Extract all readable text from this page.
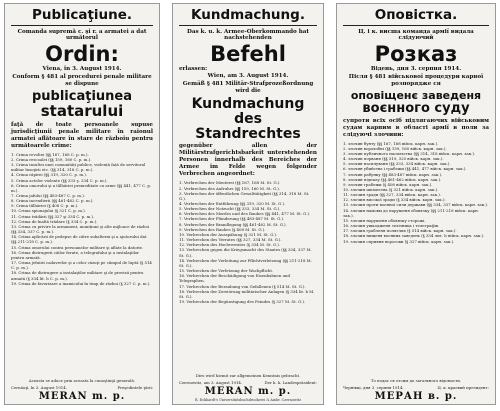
Publicaţiune.
Comanda supremă c. şi r. a armatei a dat următorul
Ordin:
Viena, în 3. August 1914.
Conform § 481 al procedurei penale militare se dispune
publicaţiunea
statarului
faţă de toate persoanele supuse jurisdicţiunii penale militare în raionul armatei aflătoare în stare de războiu pentru următoarele crime:
1. Crima revoltei (§§ 167, 168 C. p. m.).
2. Crima rescoalei (§§ 159, 160 C. p. m.).
3. Crima insultei unei comunități publice, violență față de servitorul militar însoţirii etc. (§§ 314, 318 C. p. m.).
4. Crima răpirei (§§ 319, 320 C. p. m.).
5. Crima actelor violente (§§ 333 ş. 334 C. p. m.).
6. Crima omorului şi a tâlhăriei premeditate cu arme (§§ 441, 477 C. p. m.).
7. Crima jafului (§§ 483-487 C. p. m.).
8. Crima incendierii (§§ 461-462 C. p. m.).
9. Crima tâlhăriei (§ 408 C. p. m.).
10. Crima spionajului (§ 321 C. p. m.).
11. Crima trădării (§§ 327 şi 334 C. p. m.).
12. Crima de înaltă trădare (§ 334 C. p. m.).
13. Crima cu privire la armament, munițiuni şi alte mijloace de război (§§ 334, 337 C. p. m.).
14. Crima aplicării de pedepse de către subalterni şi a ajutorului dat (§§ 211-218 C. p. m.).
15. Crima omorului contra persoanelor militare şi aflate la datorie.
16. Crima distrugerii căilor ferate, a telegrafului şi a instalaţiilor pentru armată.
17. Crima jefuirii cadavrelor şi a celor căzuţi pe câmpul de luptă (§ 514 C. p. m.).
18. Crima de distrugere a instalaţiilor militare şi de provizii pentru armată (§ 334 lit. b C. p. m.).
19. Crima de favorizare a inamicului în timp de război (§ 327 C. p. m.).
Aceasta se aduce prin aceasta la cunoştinţă generală.
Cernăuţi, în 3. August 1914.	Preşedintele ţării:
MERAN m. p.
Kundmachung.
Das k. u. k. Armee-Oberkommando hat nachstehenden
Befehl
erlassen:
Wien, am 3. August 1914.
Gemäß § 481 Militär-Strafprozeßordnung wird die
Kundmachung
des Standrechtes
gegenüber allen der Militärstrafgerichtsbarkeit unterstehenden Personen innerhalb des Bereiches der Armee im Felde wegen folgender Verbrechen angeordnet:
1. Verbrechen der Meuterei (§§ 167, 168 M. St. G.).
2. Verbrechen des Aufruhrs (§§ 159, 160 M. St. G.).
3. Verbrechen der öffentlichen Gewalttätigkeit (§§ 314, 318 M. St. G.).
4. Verbrechen der Entführung (§§ 319, 320 M. St. G.).
5. Verbrechen der Notzucht (§§ 333, 334 M. St. G.).
6. Verbrechen des Mordes und des Raubes (§§ 441, 477 M. St. G.).
7. Verbrechen der Plünderung (§§ 483-487 M. St. G.).
8. Verbrechen der Brandlegung (§§ 461-462 M. St. G.).
9. Verbrechen des Raubes (§ 408 M. St. G.).
10. Verbrechen der Ausspähung (§ 321 M. St. G.).
11. Verbrechen des Verrates (§§ 327, 334 M. St. G.).
12. Verbrechen des Hochverrates (§ 334 M. St. G.).
13. Verbrechen gegen die Kriegsmacht des Staates (§§ 334, 337 M. St. G.).
14. Verbrechen der Verleitung zur Pflichtverletzung (§§ 211-218 M. St. G.).
15. Verbrechen der Verletzung der Wachpflicht.
16. Verbrechen der Beschädigung von Eisenbahnen und Telegraphen.
17. Verbrechen der Beraubung von Gefallenen (§ 514 M. St. G.).
18. Verbrechen der Zerstörung militärischer Anlagen (§ 334 lit. b M. St. G.).
19. Verbrechen der Begünstigung des Feindes (§ 327 M. St. G.).
Dies wird hiemit zur allgemeinen Kenntnis gebracht.
Czernowitz, am 3. August 1914.	Der k. k. Landespräsident:
MERAN m. p.
R. Eckhardt's Universitätsbuchdruckerei & Ambr. Czernowitz
Оповістка.
Ц. і к. висша команда армії видала слідуючий
Розказ
Відень, дня 3. серпня 1914.
Після § 481 військової процедури карної розпорядже ся
оповіщенє заведеня
воєнного суду
супроти всіх осіб підлягаючих військовим судам карним в області армії в поли за слідуючі злочини:
1. злочин бунту (§§ 167, 168 війск. карн. зак.).
2. злочин ворохобні (§§ 159, 160 війск. карн. зак.).
3. злочин публичного насильства (§§ 314, 318 війск. карн. зак.).
4. злочин порваня (§§ 319, 320 війск. карн. зак.).
5. злочин насилуваня (§§ 333, 334 війск. карн. зак.).
6. злочин убийства і грабежи (§§ 441, 477 війск. карн. зак.).
7. злочин рабунку (§§ 483-487 війск. карн. зак.).
8. злочин підпалу (§§ 461-462 війск. карн. зак.).
9. злочин грабежи (§ 408 війск. карн. зак.).
10. злочин шпіонства (§ 321 війск. карн. зак.).
11. злочин зради (§§ 327, 334 війск. карн. зак.).
12. злочин високої зради (§ 334 війск. карн. зак.).
13. злочин проти воєнної сили держави (§§ 334, 337 війск. карн. зак.).
14. злочин намовы до нарушеня обовязку (§§ 211-218 війск. карн. зак.).
15. злочин нарушеня обовязку сторожі.
16. злочин ушкодженя зелізниць і телеграфів.
17. злочин грабленя поляглих (§ 514 війск. карн. зак.).
18. злочин нищеня воєнних заведень (§ 334 лит. b війск. карн. зак.).
19. злочин сприяня ворогови (§ 327 війск. карн. зак.).
То подає ся отсим до загального відомости.
Чернівці, дня 3. серпня 1914.	Ц. к. краєвий президент:
МЕРАН в. р.
